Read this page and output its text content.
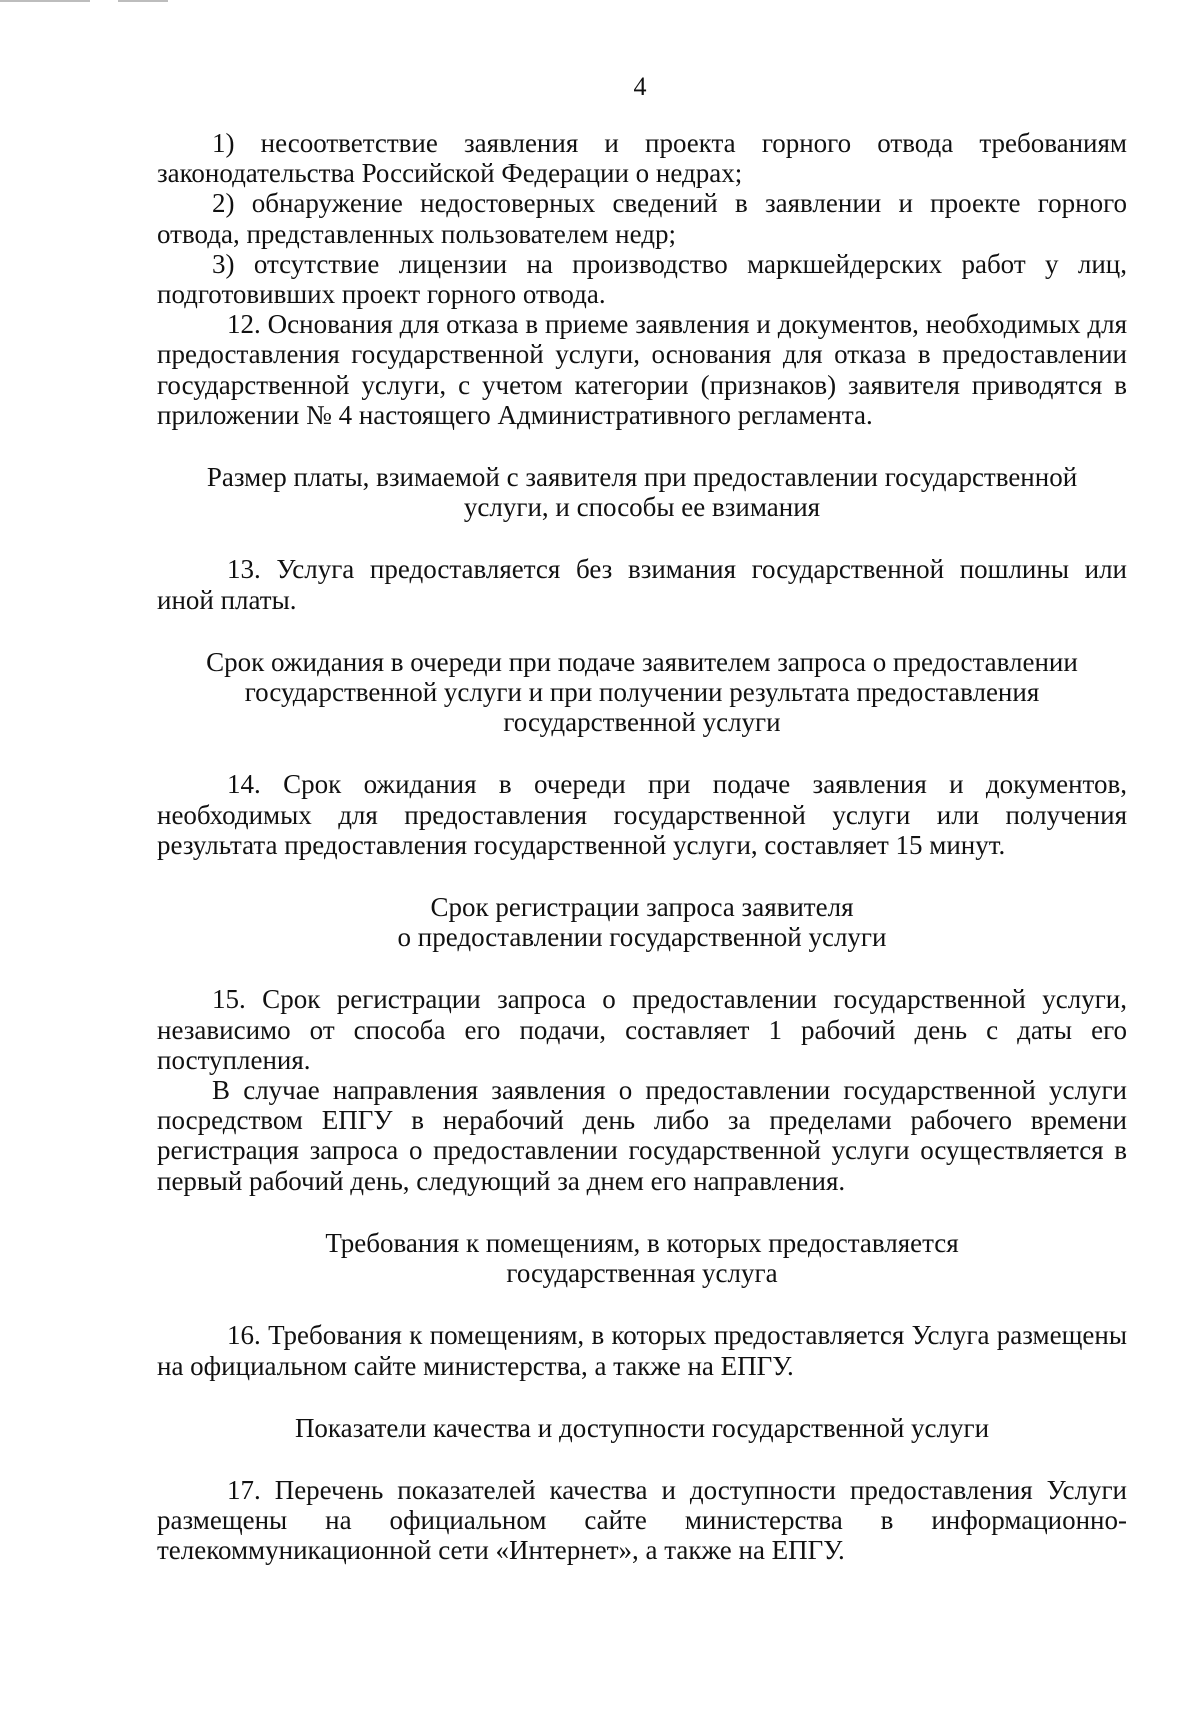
4

1) несоответствие заявления и проекта горного отвода требованиям законодательства Российской Федерации о недрах;

2) обнаружение недостоверных сведений в заявлении и проекте горного отвода, представленных пользователем недр;

3) отсутствие лицензии на производство маркшейдерских работ у лиц, подготовивших проект горного отвода.

12. Основания для отказа в приеме заявления и документов, необходимых для предоставления государственной услуги, основания для отказа в предоставлении государственной услуги, с учетом категории (признаков) заявителя приводятся в приложении № 4 настоящего Административного регламента.

Размер платы, взимаемой с заявителя при предоставлении государственной
услуги, и способы ее взимания

13. Услуга предоставляется без взимания государственной пошлины или иной платы.

Срок ожидания в очереди при подаче заявителем запроса о предоставлении
государственной услуги и при получении результата предоставления
государственной услуги

14. Срок ожидания в очереди при подаче заявления и документов, необходимых для предоставления государственной услуги или получения результата предоставления государственной услуги, составляет 15 минут.

Срок регистрации запроса заявителя
о предоставлении государственной услуги

15. Срок регистрации запроса о предоставлении государственной услуги, независимо от способа его подачи, составляет 1 рабочий день с даты его поступления.

В случае направления заявления о предоставлении государственной услуги посредством ЕПГУ в нерабочий день либо за пределами рабочего времени регистрация запроса о предоставлении государственной услуги осуществляется в первый рабочий день, следующий за днем его направления.

Требования к помещениям, в которых предоставляется
государственная услуга

16. Требования к помещениям, в которых предоставляется Услуга размещены на официальном сайте министерства, а также на ЕПГУ.

Показатели качества и доступности государственной услуги

17. Перечень показателей качества и доступности предоставления Услуги размещены на официальном сайте министерства в информационно-телекоммуникационной сети «Интернет», а также на ЕПГУ.
